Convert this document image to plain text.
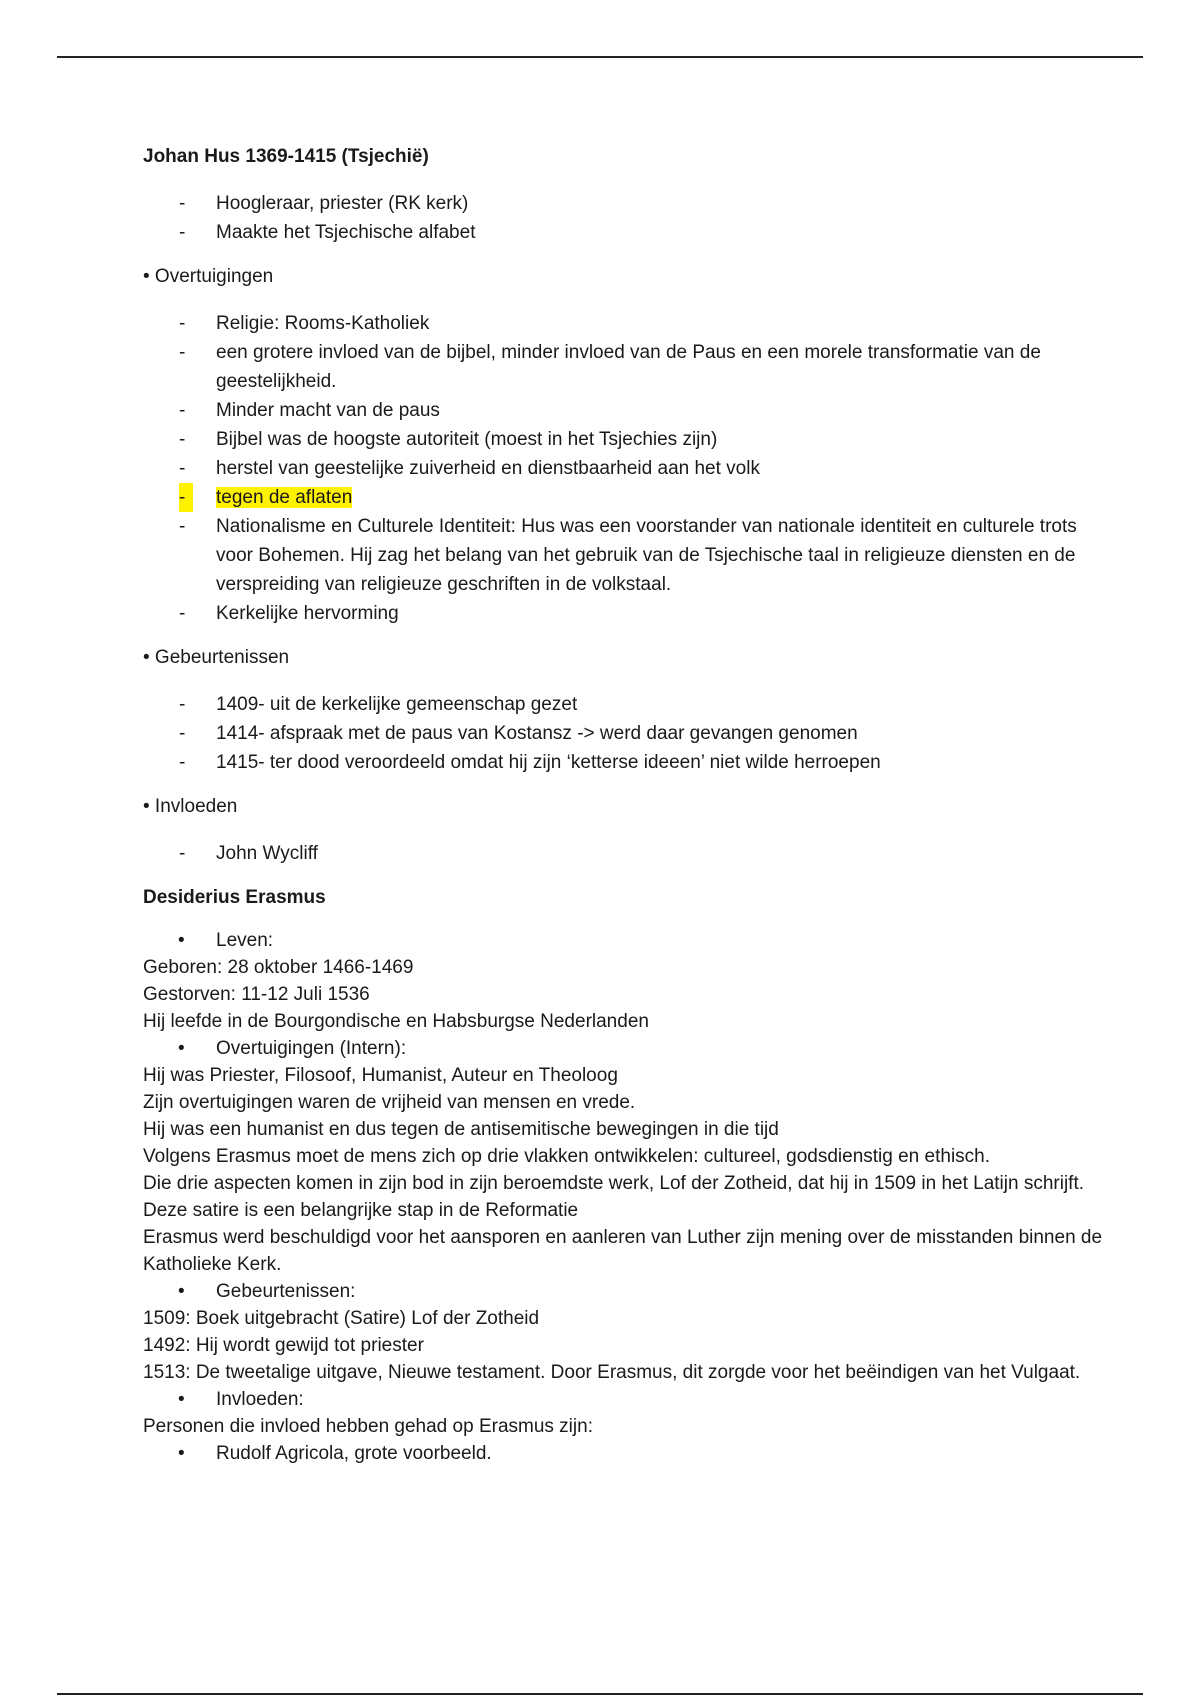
Johan Hus 1369-1415 (Tsjechië)

- Hoogleraar, priester (RK kerk)
- Maakte het Tsjechische alfabet

• Overtuigingen

- Religie: Rooms-Katholiek
- een grotere invloed van de bijbel, minder invloed van de Paus en een morele transformatie van de geestelijkheid.
- Minder macht van de paus
- Bijbel was de hoogste autoriteit (moest in het Tsjechies zijn)
- herstel van geestelijke zuiverheid en dienstbaarheid aan het volk
-	tegen de aflaten
- Nationalisme en Culturele Identiteit: Hus was een voorstander van nationale identiteit en culturele trots voor Bohemen. Hij zag het belang van het gebruik van de Tsjechische taal in religieuze diensten en de verspreiding van religieuze geschriften in de volkstaal.
- Kerkelijke hervorming

• Gebeurtenissen

- 1409- uit de kerkelijke gemeenschap gezet
- 1414- afspraak met de paus van Kostansz -> werd daar gevangen genomen
- 1415- ter dood veroordeeld omdat hij zijn ‘ketterse ideeen’ niet wilde herroepen

• Invloeden

- John Wycliff

Desiderius Erasmus

• Leven:
Geboren: 28 oktober 1466-1469
Gestorven: 11-12 Juli 1536
Hij leefde in de Bourgondische en Habsburgse Nederlanden
• Overtuigingen (Intern):
Hij was Priester, Filosoof, Humanist, Auteur en Theoloog
Zijn overtuigingen waren de vrijheid van mensen en vrede.
Hij was een humanist en dus tegen de antisemitische bewegingen in die tijd
Volgens Erasmus moet de mens zich op drie vlakken ontwikkelen: cultureel, godsdienstig en ethisch.
Die drie aspecten komen in zijn bod in zijn beroemdste werk, Lof der Zotheid, dat hij in 1509 in het Latijn schrijft. Deze satire is een belangrijke stap in de Reformatie
Erasmus werd beschuldigd voor het aansporen en aanleren van Luther zijn mening over de misstanden binnen de Katholieke Kerk.
• Gebeurtenissen:
1509: Boek uitgebracht (Satire) Lof der Zotheid
1492: Hij wordt gewijd tot priester
1513: De tweetalige uitgave, Nieuwe testament. Door Erasmus, dit zorgde voor het beëindigen van het Vulgaat.
• Invloeden:
Personen die invloed hebben gehad op Erasmus zijn:
• Rudolf Agricola, grote voorbeeld.
